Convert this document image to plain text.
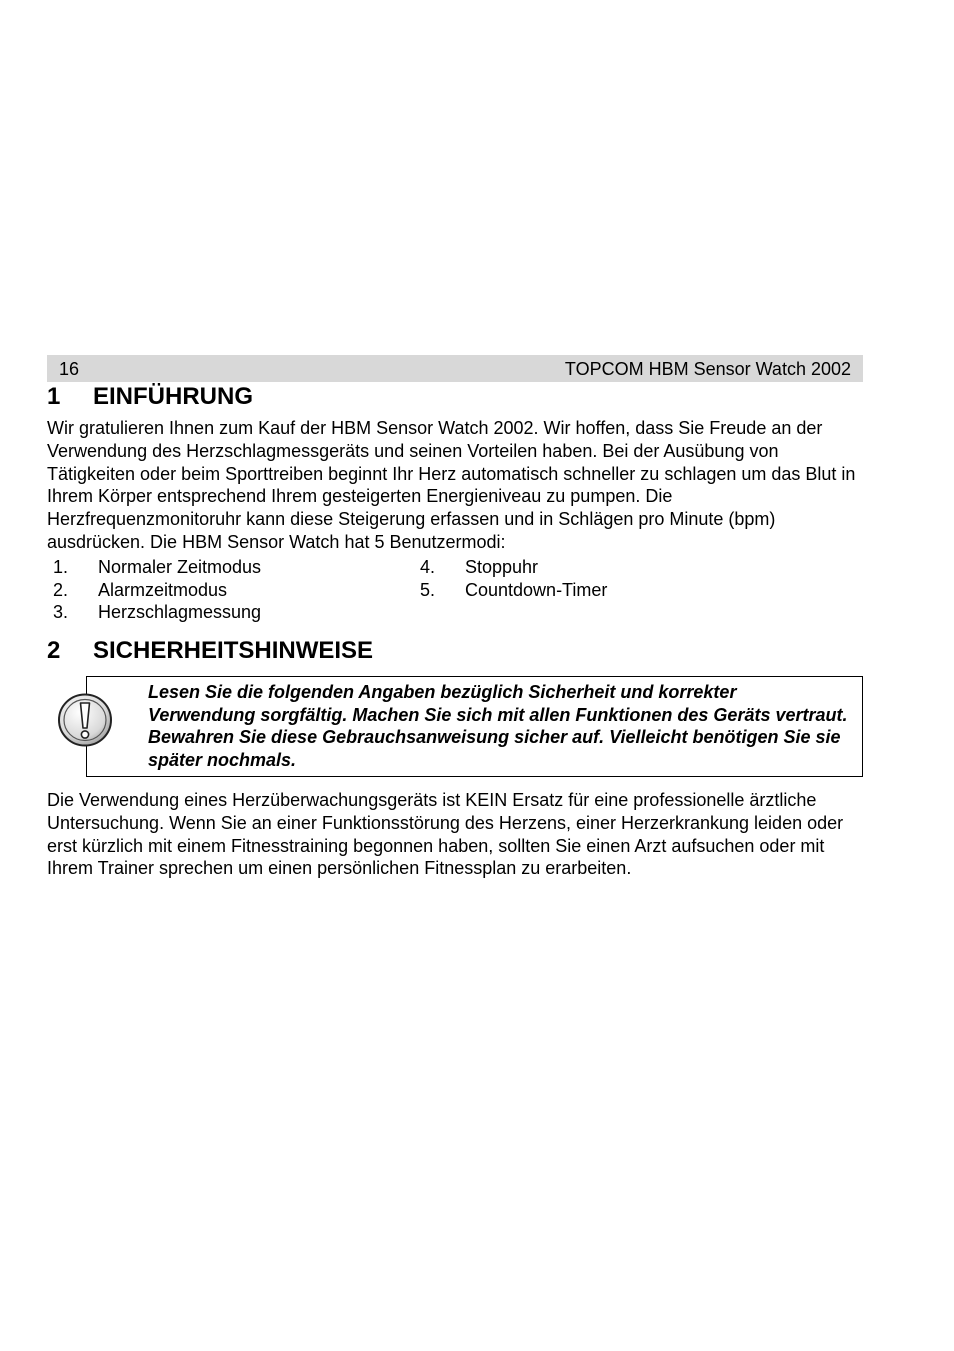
16	TOPCOM HBM Sensor Watch 2002
1 EINFÜHRUNG

Wir gratulieren Ihnen zum Kauf der HBM Sensor Watch 2002. Wir hoffen, dass Sie Freude an der Verwendung des Herzschlagmessgeräts und seinen Vorteilen haben. Bei der Ausübung von Tätigkeiten oder beim Sporttreiben beginnt Ihr Herz automatisch schneller zu schlagen um das Blut in Ihrem Körper entsprechend Ihrem gesteigerten Energieniveau zu pumpen. Die Herzfrequenzmonitoruhr kann diese Steigerung erfassen und in Schlägen pro Minute (bpm) ausdrücken. Die HBM Sensor Watch hat 5 Benutzermodi:

1. Normaler Zeitmodus
2. Alarmzeitmodus
3. Herzschlagmessung
4. Stoppuhr
5. Countdown-Timer
2 SICHERHEITSHINWEISE

Lesen Sie die folgenden Angaben bezüglich Sicherheit und korrekter Verwendung sorgfältig. Machen Sie sich mit allen Funktionen des Geräts vertraut. Bewahren Sie diese Gebrauchsanweisung sicher auf. Vielleicht benötigen Sie sie später nochmals.

Die Verwendung eines Herzüberwachungsgeräts ist KEIN Ersatz für eine professionelle ärztliche Untersuchung. Wenn Sie an einer Funktionsstörung des Herzens, einer Herzerkrankung leiden oder erst kürzlich mit einem Fitnesstraining begonnen haben, sollten Sie einen Arzt aufsuchen oder mit Ihrem Trainer sprechen um einen persönlichen Fitnessplan zu erarbeiten.
